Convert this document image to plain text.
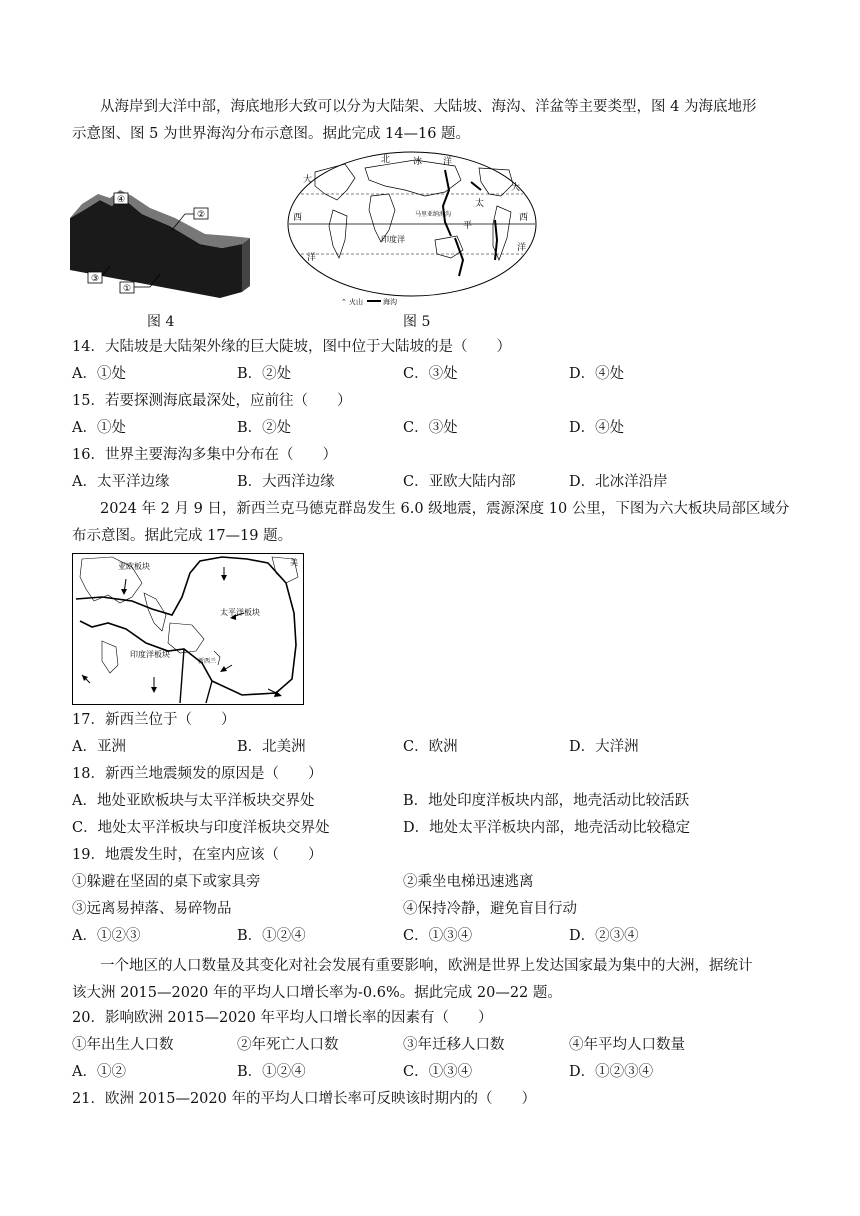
从海岸到大洋中部，海底地形大致可以分为大陆架、大陆坡、海沟、洋盆等主要类型，图 4 为海底地形
示意图、图 5 为世界海沟分布示意图。据此完成 14—16 题。
④
②
③
①
图 4
北	冰 洋
大
西
洋
印度洋
马里亚纳海沟
太
大
平
西
洋
⌃ 火山	海沟
图 5
14．大陆坡是大陆架外缘的巨大陡坡，图中位于大陆坡的是（　　）
A．①处	B．②处	C．③处	D．④处
15．若要探测海底最深处，应前往（　　）
A．①处	B．②处	C．③处	D．④处
16．世界主要海沟多集中分布在（　　）
A．太平洋边缘	B．大西洋边缘	C．亚欧大陆内部	D．北冰洋沿岸
2024 年 2 月 9 日，新西兰克马德克群岛发生 6.0 级地震，震源深度 10 公里，下图为六大板块局部区域分
布示意图。据此完成 17—19 题。
亚欧板块
太平洋板块
印度洋板块
新西兰
美
17．新西兰位于（　　）
A．亚洲	B．北美洲	C．欧洲	D．大洋洲
18．新西兰地震频发的原因是（　　）
A．地处亚欧板块与太平洋板块交界处	B．地处印度洋板块内部，地壳活动比较活跃
C．地处太平洋板块与印度洋板块交界处	D．地处太平洋板块内部，地壳活动比较稳定
19．地震发生时，在室内应该（　　）
①躲避在坚固的桌下或家具旁	②乘坐电梯迅速逃离
③远离易掉落、易碎物品	④保持冷静，避免盲目行动
A．①②③	B．①②④	C．①③④	D．②③④
一个地区的人口数量及其变化对社会发展有重要影响，欧洲是世界上发达国家最为集中的大洲，据统计
该大洲 2015—2020 年的平均人口增长率为-0.6%。据此完成 20—22 题。
20．影响欧洲 2015—2020 年平均人口增长率的因素有（　　）
①年出生人口数	②年死亡人口数	③年迁移人口数	④年平均人口数量
A．①②	B．①②④	C．①③④	D．①②③④
21．欧洲 2015—2020 年的平均人口增长率可反映该时期内的（　　）
